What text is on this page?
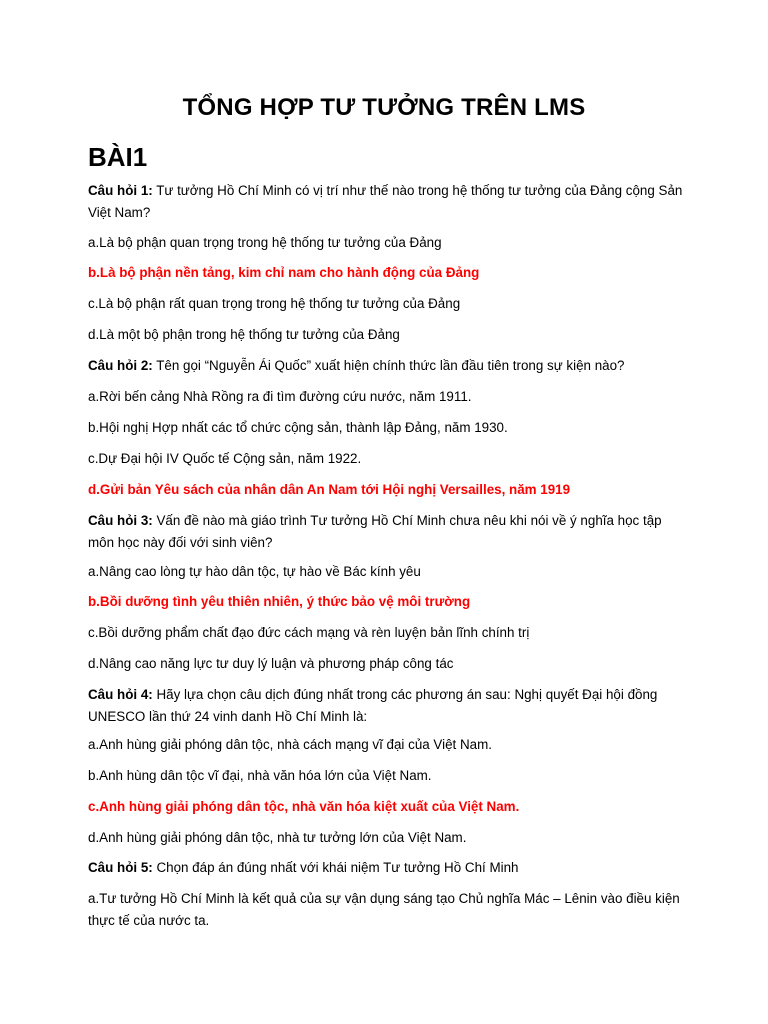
TỔNG HỢP TƯ TƯỞNG TRÊN LMS
BÀI1
Câu hỏi 1: Tư tưởng Hồ Chí Minh có vị trí như thế nào trong hệ thống tư tưởng của Đảng cộng Sản Việt Nam?
a.Là bộ phận quan trọng trong hệ thống tư tưởng của Đảng
b.Là bộ phận nền tảng, kim chỉ nam cho hành động của Đảng
c.Là bộ phận rất quan trọng trong hệ thống tư tưởng của Đảng
d.Là một bộ phận trong hệ thống tư tưởng của Đảng
Câu hỏi 2: Tên gọi “Nguyễn Ái Quốc” xuất hiện chính thức lần đầu tiên trong sự kiện nào?
a.Rời bến cảng Nhà Rồng ra đi tìm đường cứu nước, năm 1911.
b.Hội nghị Hợp nhất các tổ chức cộng sản, thành lập Đảng, năm 1930.
c.Dự Đại hội IV Quốc tế Cộng sản, năm 1922.
d.Gửi bản Yêu sách của nhân dân An Nam tới Hội nghị Versailles, năm 1919
Câu hỏi 3: Vấn đề nào mà giáo trình Tư tưởng Hồ Chí Minh chưa nêu khi nói về ý nghĩa học tập môn học này đối với sinh viên?
a.Nâng cao lòng tự hào dân tộc, tự hào về Bác kính yêu
b.Bồi dưỡng tình yêu thiên nhiên, ý thức bảo vệ môi trường
c.Bồi dưỡng phẩm chất đạo đức cách mạng và rèn luyện bản lĩnh chính trị
d.Nâng cao năng lực tư duy lý luận và phương pháp công tác
Câu hỏi 4: Hãy lựa chọn câu dịch đúng nhất trong các phương án sau: Nghị quyết Đại hội đồng UNESCO lần thứ 24 vinh danh Hồ Chí Minh là:
a.Anh hùng giải phóng dân tộc, nhà cách mạng vĩ đại của Việt Nam.
b.Anh hùng dân tộc vĩ đại, nhà văn hóa lớn của Việt Nam.
c.Anh hùng giải phóng dân tộc, nhà văn hóa kiệt xuất của Việt Nam.
d.Anh hùng giải phóng dân tộc, nhà tư tưởng lớn của Việt Nam.
Câu hỏi 5: Chọn đáp án đúng nhất với khái niệm Tư tưởng Hồ Chí Minh
a.Tư tưởng Hồ Chí Minh là kết quả của sự vận dụng sáng tạo Chủ nghĩa Mác – Lênin vào điều kiện thực tế của nước ta.
